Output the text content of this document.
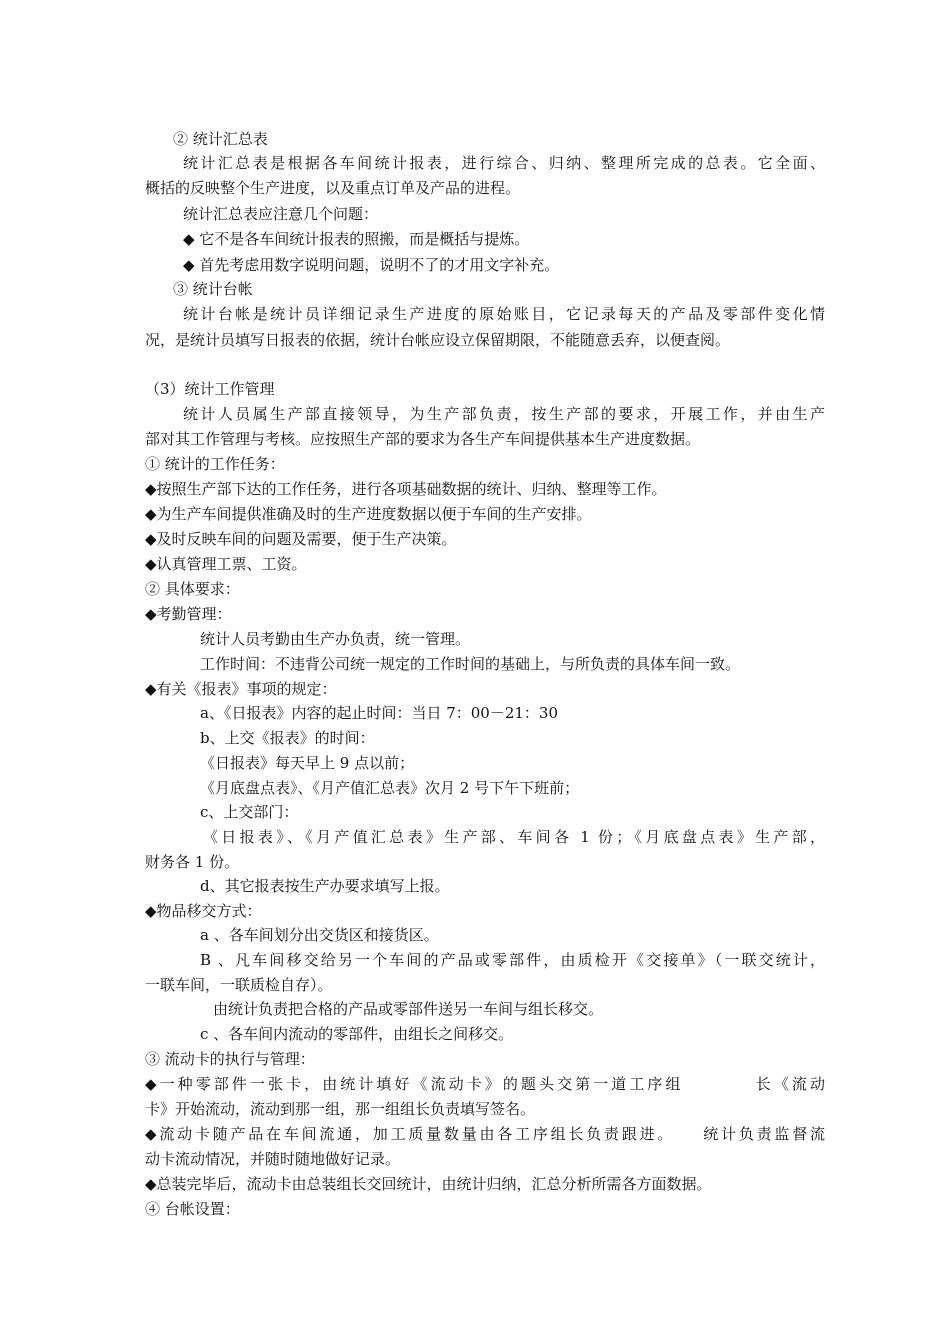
② 统计汇总表
统计汇总表是根据各车间统计报表，进行综合、归纳、整理所完成的总表。它全面、
概括的反映整个生产进度，以及重点订单及产品的进程。
统计汇总表应注意几个问题：
◆ 它不是各车间统计报表的照搬，而是概括与提炼。
◆ 首先考虑用数字说明问题，说明不了的才用文字补充。
③ 统计台帐
统计台帐是统计员详细记录生产进度的原始账目，它记录每天的产品及零部件变化情
况，是统计员填写日报表的依据，统计台帐应设立保留期限，不能随意丢弃，以便查阅。
（3）统计工作管理
统计人员属生产部直接领导，为生产部负责，按生产部的要求，开展工作，并由生产
部对其工作管理与考核。应按照生产部的要求为各生产车间提供基本生产进度数据。
① 统计的工作任务：
◆按照生产部下达的工作任务，进行各项基础数据的统计、归纳、整理等工作。
◆为生产车间提供准确及时的生产进度数据以便于车间的生产安排。
◆及时反映车间的问题及需要，便于生产决策。
◆认真管理工票、工资。
② 具体要求：
◆考勤管理：
统计人员考勤由生产办负责，统一管理。
工作时间：不违背公司统一规定的工作时间的基础上，与所负责的具体车间一致。
◆有关《报表》事项的规定：
a、《日报表》内容的起止时间：当日 7：00－21：30
b、上交《报表》的时间：
《日报表》每天早上 9 点以前；
《月底盘点表》、《月产值汇总表》次月 2 号下午下班前；
c、上交部门：
《日报表》、《月产值汇总表》生产部、车间各 1 份；《月底盘点表》生产部，
财务各 1 份。
d、其它报表按生产办要求填写上报。
◆物品移交方式：
a 、各车间划分出交货区和接货区。
B 、凡车间移交给另一个车间的产品或零部件，由质检开《交接单》（一联交统计，
一联车间，一联质检自存）。
由统计负责把合格的产品或零部件送另一车间与组长移交。
c 、各车间内流动的零部件，由组长之间移交。
③ 流动卡的执行与管理：
◆一种零部件一张卡，由统计填好《流动卡》的题头交第一道工序组　　　　长《流动
卡》开始流动，流动到那一组，那一组组长负责填写签名。
◆流动卡随产品在车间流通，加工质量数量由各工序组长负责跟进。　　统计负责监督流
动卡流动情况，并随时随地做好记录。
◆总装完毕后，流动卡由总装组长交回统计，由统计归纳，汇总分析所需各方面数据。
④ 台帐设置：
